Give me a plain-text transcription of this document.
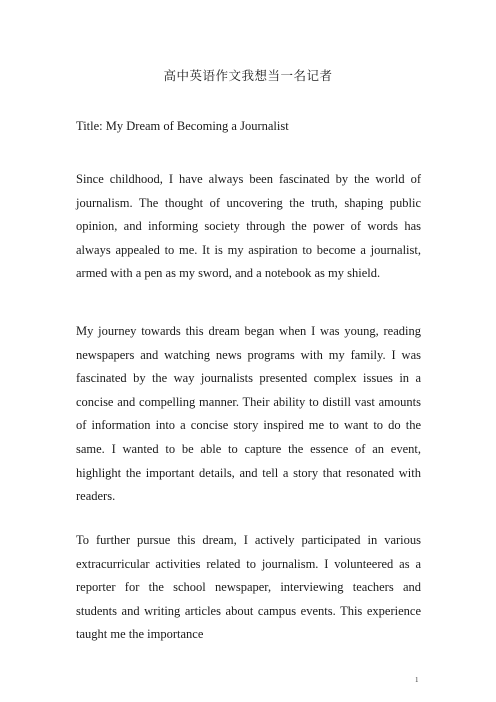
高中英语作文我想当一名记者
Title: My Dream of Becoming a Journalist

Since childhood, I have always been fascinated by the world of journalism. The thought of uncovering the truth, shaping public opinion, and informing society through the power of words has always appealed to me. It is my aspiration to become a journalist, armed with a pen as my sword, and a notebook as my shield.

My journey towards this dream began when I was young, reading newspapers and watching news programs with my family. I was fascinated by the way journalists presented complex issues in a concise and compelling manner. Their ability to distill vast amounts of information into a concise story inspired me to want to do the same. I wanted to be able to capture the essence of an event, highlight the important details, and tell a story that resonated with readers.

To further pursue this dream, I actively participated in various extracurricular activities related to journalism. I volunteered as a reporter for the school newspaper, interviewing teachers and students and writing articles about campus events. This experience taught me the importance

1
